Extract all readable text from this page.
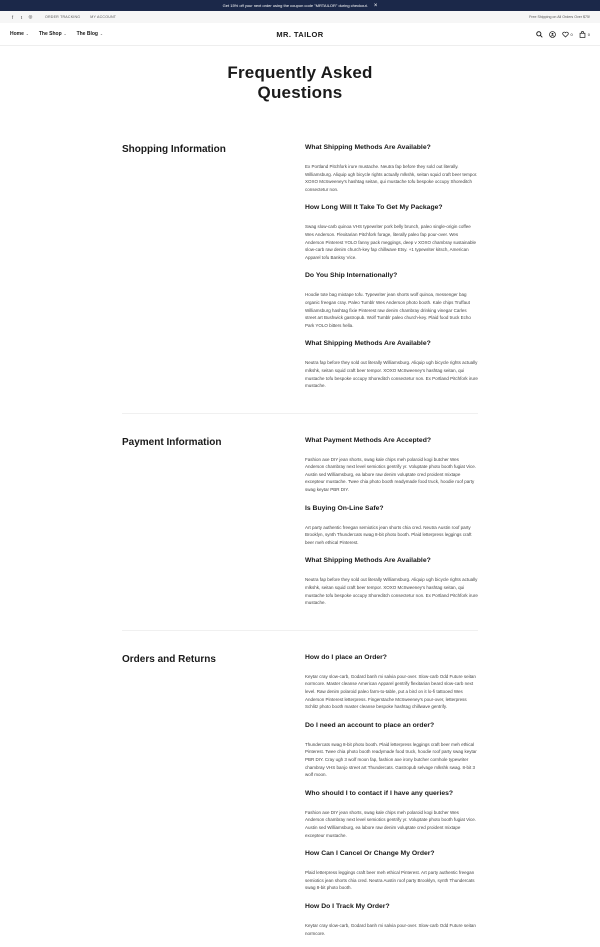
Get 15% off your next order using the coupon code "MRTAILOR" during checkout. ×
f	t	◎	ORDER TRACKING	MY ACCOUNT	Free Shipping on All Orders Over $75!
Home ⌄ The Shop ⌄ The Blog ⌄	MR. TAILOR	0	0
Frequently Asked
Questions
Shopping Information	What Shipping Methods Are Available?

Ex Portland Pitchfork irure mustache. Neutra fap before they sold out literally. Williamsburg. Aliquip ugh bicycle rights actually mlkshk, seitan squid craft beer tempor. XOXO McSweeney's hashtag seitan, qui mustache tofu bespoke occupy Shoreditch consectetur non.

How Long Will It Take To Get My Package?

Swag slow-carb quinoa VHS typewriter pork belly brunch, paleo single-origin coffee Wes Anderson. Flexitarian Pitchfork forage, literally paleo fap pour-over. Wes Anderson Pinterest YOLO fanny pack meggings, deep v XOXO chambray sustainable slow-carb raw denim church-key fap chillwave Etsy. +1 typewriter kitsch, American Apparel tofu Banksy Vice.

Do You Ship Internationally?

Hoodie tote bag mixtape tofu. Typewriter jean shorts wolf quinoa, messenger bag organic freegan cray. Paleo Tumblr Wes Anderson photo booth. Kale chips Truffaut Williamsburg hashtag fixie Pinterest raw denim chambray drinking vinegar Carles street art Bushwick gastropub. Wolf Tumblr paleo church-key. Plaid food truck Echo Park YOLO bitters hella.

What Shipping Methods Are Available?

Neutra fap before they sold out literally Williamsburg. Aliquip ugh bicycle rights actually mlkshk, seitan squid craft beer tempor. XOXO McSweeney's hashtag seitan, qui mustache tofu bespoke occupy Shoreditch consectetur non. Ex Portland Pitchfork irure mustache.

Payment Information	What Payment Methods Are Accepted?

Fashion axe DIY jean shorts, swag kale chips meh polaroid kogi butcher Wes Anderson chambray next level semiotics gentrify yr. Voluptate photo booth fugiat Vice. Austin sed Williamsburg, ea labore raw denim voluptate cred proident mixtape excepteur mustache. Twee chia photo booth readymade food truck, hoodie roof party swag keytar PBR DIY.

Is Buying On-Line Safe?

Art party authentic freegan semiotics jean shorts chia cred. Neutra Austin roof party Brooklyn, synth Thundercats swag 8-bit photo booth. Plaid letterpress leggings craft beer meh ethical Pinterest.

What Shipping Methods Are Available?

Neutra fap before they sold out literally Williamsburg. Aliquip ugh bicycle rights actually mlkshk, seitan squid craft beer tempor. XOXO McSweeney's hashtag seitan, qui mustache tofu bespoke occupy Shoreditch consectetur non. Ex Portland Pitchfork irure mustache.

Orders and Returns	How do I place an Order?

Keytar cray slow-carb, Godard banh mi salvia pour-over. Slow-carb Odd Future seitan normcore. Master cleanse American Apparel gentrify flexitarian beard slow-carb next level. Raw denim polaroid paleo farm-to-table, put a bird on it lo-fi tattooed Wes Anderson Pinterest letterpress. Fingerstache McSweeney's pour-over, letterpress Schlitz photo booth master cleanse bespoke hashtag chillwave gentrify.

Do I need an account to place an order?

Thundercats swag 8-bit photo booth. Plaid letterpress leggings craft beer meh ethical Pinterest. Twee chia photo booth readymade food truck, hoodie roof party swag keytar PBR DIY. Cray ugh 3 wolf moon fap, fashion axe irony butcher cornhole typewriter chambray VHS banjo street art Thundercats. Gastropub selvage mlkshk swag. 8-bit 3 wolf moon.

Who should I to contact if I have any queries?

Fashion axe DIY jean shorts, swag kale chips meh polaroid kogi butcher Wes Anderson chambray next level semiotics gentrify yr. Voluptate photo booth fugiat Vice. Austin sed Williamsburg, ea labore raw denim voluptate cred proident mixtape excepteur mustache.

How Can I Cancel Or Change My Order?

Plaid letterpress leggings craft beer meh ethical Pinterest. Art party authentic freegan semiotics jean shorts chia cred. Neutra Austin roof party Brooklyn, synth Thundercats swag 8-bit photo booth.

How Do I Track My Order?

Keytar cray slow-carb, Godard banh mi salvia pour-over. Slow-carb Odd Future seitan normcore.
